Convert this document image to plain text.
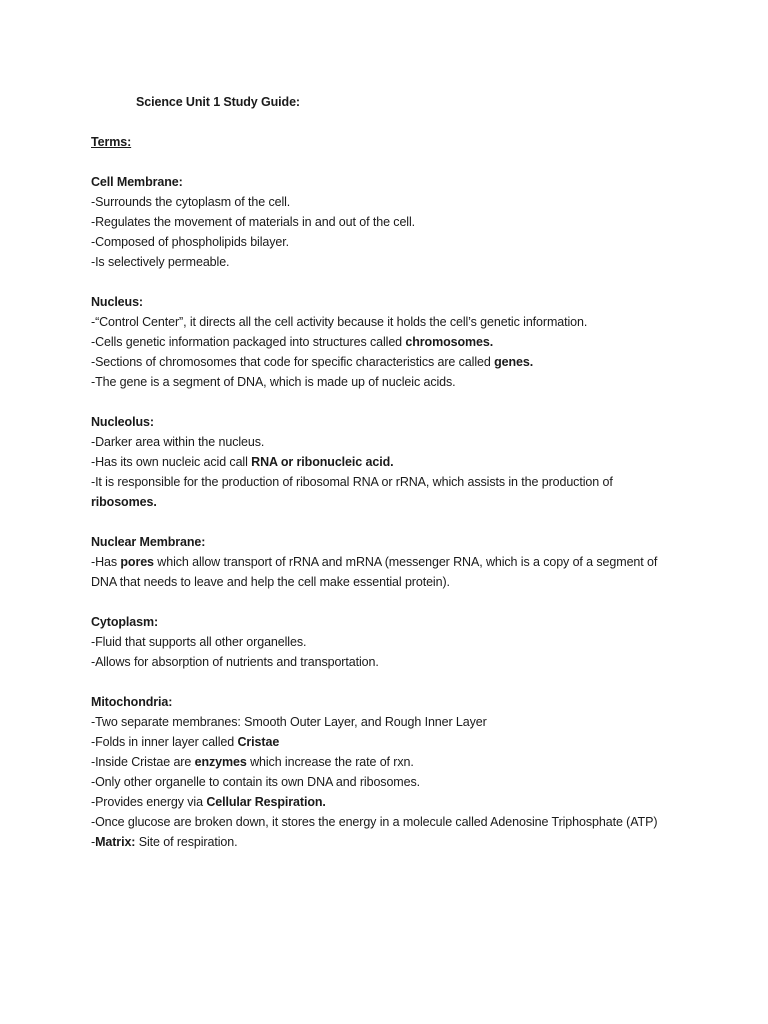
Science Unit 1 Study Guide:
Terms:
Cell Membrane:
-Surrounds the cytoplasm of the cell.
-Regulates the movement of materials in and out of the cell.
-Composed of phospholipids bilayer.
-Is selectively permeable.
Nucleus:
-“Control Center”, it directs all the cell activity because it holds the cell’s genetic information.
-Cells genetic information packaged into structures called chromosomes.
-Sections of chromosomes that code for specific characteristics are called genes.
-The gene is a segment of DNA, which is made up of nucleic acids.
Nucleolus:
-Darker area within the nucleus.
-Has its own nucleic acid call RNA or ribonucleic acid.
-It is responsible for the production of ribosomal RNA or rRNA, which assists in the production of
ribosomes.
Nuclear Membrane:
-Has pores which allow transport of rRNA and mRNA (messenger RNA, which is a copy of a segment of
DNA that needs to leave and help the cell make essential protein).
Cytoplasm:
-Fluid that supports all other organelles.
-Allows for absorption of nutrients and transportation.
Mitochondria:
-Two separate membranes: Smooth Outer Layer, and Rough Inner Layer
-Folds in inner layer called Cristae
-Inside Cristae are enzymes which increase the rate of rxn.
-Only other organelle to contain its own DNA and ribosomes.
-Provides energy via Cellular Respiration.
-Once glucose are broken down, it stores the energy in a molecule called Adenosine Triphosphate (ATP)
-Matrix: Site of respiration.
